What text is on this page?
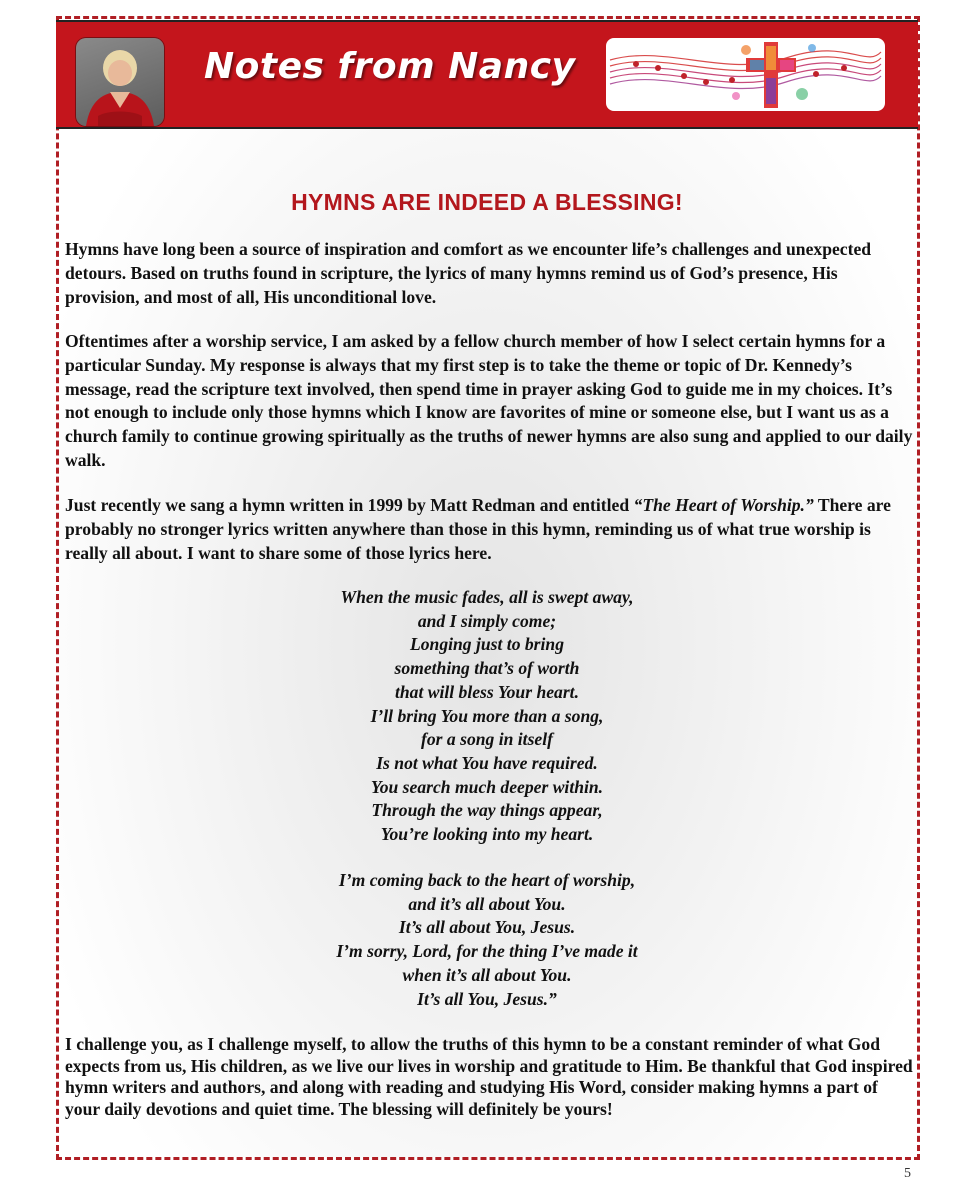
Notes from Nancy
HYMNS ARE INDEED A BLESSING!

Hymns have long been a source of inspiration and comfort as we encounter life’s challenges and unexpected detours. Based on truths found in scripture, the lyrics of many hymns remind us of God’s presence, His provision, and most of all, His unconditional love.

Oftentimes after a worship service, I am asked by a fellow church member of how I select certain hymns for a particular Sunday. My response is always that my first step is to take the theme or topic of Dr. Kennedy’s message, read the scripture text involved, then spend time in prayer asking God to guide me in my choices. It’s not enough to include only those hymns which I know are favorites of mine or someone else, but I want us as a church family to continue growing spiritually as the truths of newer hymns are also sung and applied to our daily walk.

Just recently we sang a hymn written in 1999 by Matt Redman and entitled “The Heart of Worship.” There are probably no stronger lyrics written anywhere than those in this hymn, reminding us of what true worship is really all about. I want to share some of those lyrics here.

When the music fades, all is swept away,
and I simply come;
Longing just to bring
something that’s of worth
that will bless Your heart.
I’ll bring You more than a song,
for a song in itself
Is not what You have required.
You search much deeper within.
Through the way things appear,
You’re looking into my heart.
I’m coming back to the heart of worship,
and it’s all about You.
It’s all about You, Jesus.
I’m sorry, Lord, for the thing I’ve made it
when it’s all about You.
It’s all You, Jesus.”

I challenge you, as I challenge myself, to allow the truths of this hymn to be a constant reminder of what God expects from us, His children, as we live our lives in worship and gratitude to Him. Be thankful that God inspired hymn writers and authors, and along with reading and studying His Word, consider making hymns a part of your daily devotions and quiet time. The blessing will definitely be yours!

5
